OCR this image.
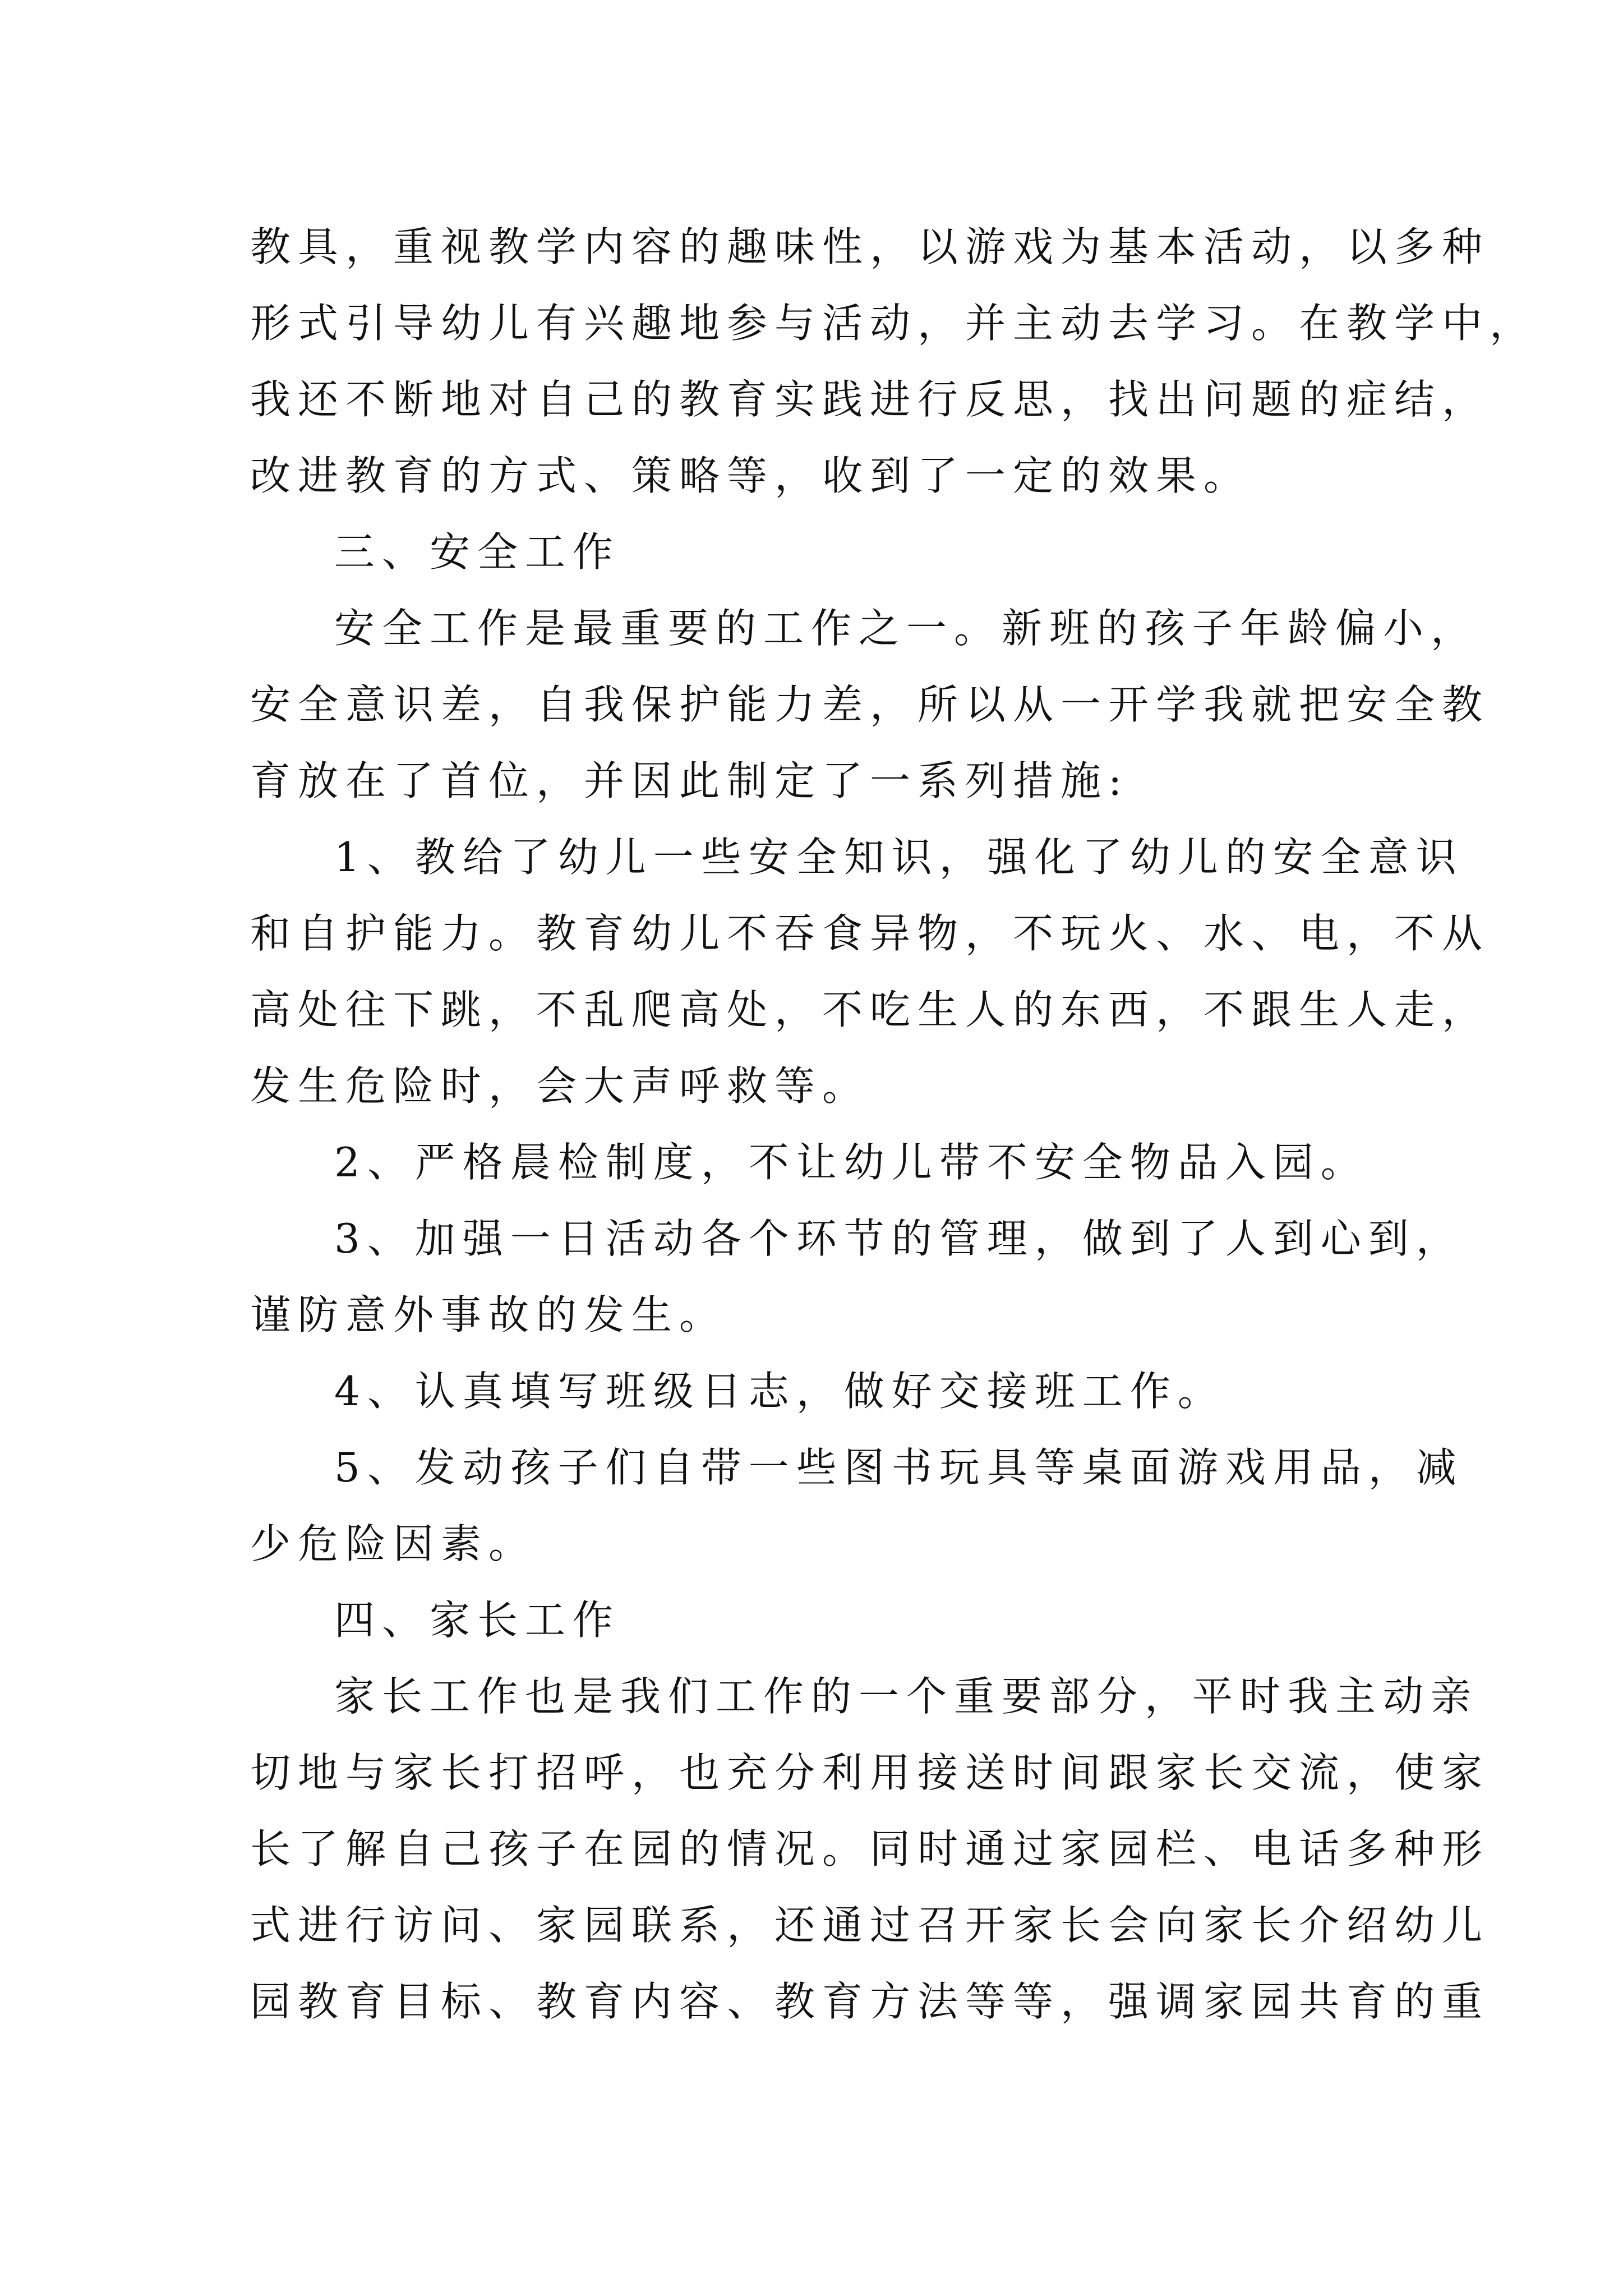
教具，重视教学内容的趣味性，以游戏为基本活动，以多种
形式引导幼儿有兴趣地参与活动，并主动去学习。在教学中，
我还不断地对自己的教育实践进行反思，找出问题的症结，
改进教育的方式、策略等，收到了一定的效果。
三、安全工作
安全工作是最重要的工作之一。新班的孩子年龄偏小，
安全意识差，自我保护能力差，所以从一开学我就把安全教
育放在了首位，并因此制定了一系列措施:
1、教给了幼儿一些安全知识，强化了幼儿的安全意识
和自护能力。教育幼儿不吞食异物，不玩火、水、电，不从
高处往下跳，不乱爬高处，不吃生人的东西，不跟生人走，
发生危险时，会大声呼救等。
2、严格晨检制度，不让幼儿带不安全物品入园。
3、加强一日活动各个环节的管理，做到了人到心到，
谨防意外事故的发生。
4、认真填写班级日志，做好交接班工作。
5、发动孩子们自带一些图书玩具等桌面游戏用品，减
少危险因素。
四、家长工作
家长工作也是我们工作的一个重要部分，平时我主动亲
切地与家长打招呼，也充分利用接送时间跟家长交流，使家
长了解自己孩子在园的情况。同时通过家园栏、电话多种形
式进行访问、家园联系，还通过召开家长会向家长介绍幼儿
园教育目标、教育内容、教育方法等等，强调家园共育的重
